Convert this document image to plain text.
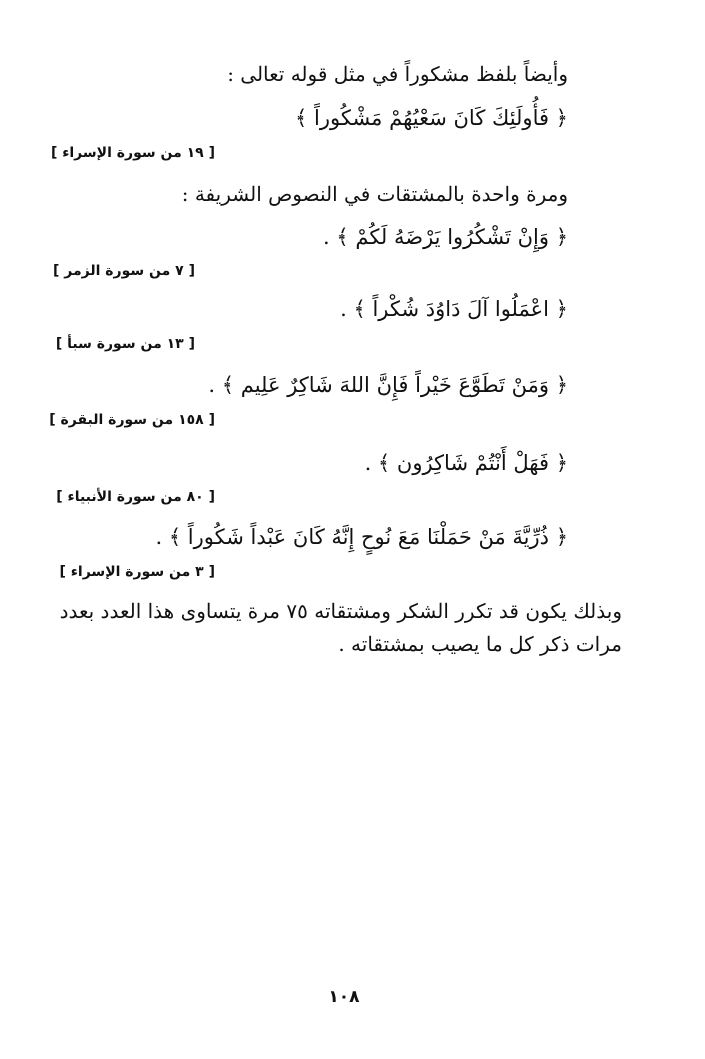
وأيضاً بلفظ مشكوراً في مثل قوله تعالى :
﴿ فَأُولَئِكَ كَانَ سَعْيُهُمْ مَشْكُوراً ﴾
[ ١٩ من سورة الإسراء ]
ومرة واحدة بالمشتقات في النصوص الشريفة :
﴿ وَإِنْ تَشْكُرُوا يَرْضَهُ لَكُمْ ﴾ .
[ ٧ من سورة الزمر ]
﴿ اعْمَلُوا آلَ دَاوُدَ شُكْراً ﴾ .
[ ١٣ من سورة سبأ ]
﴿ وَمَنْ تَطَوَّعَ خَيْراً فَإِنَّ اللهَ شَاكِرٌ عَلِيم ﴾ .
[ ١٥٨ من سورة البقرة ]
﴿ فَهَلْ أَنْتُمْ شَاكِرُون ﴾ .
[ ٨٠ من سورة الأنبياء ]
﴿ ذُرِّيَّةَ مَنْ حَمَلْنَا مَعَ نُوحٍ إِنَّهُ كَانَ عَبْداً شَكُوراً ﴾ .
[ ٣ من سورة الإسراء ]
وبذلك يكون قد تكرر الشكر ومشتقاته ٧٥ مرة يتساوى هذا العدد بعدد
مرات ذكر كل ما يصيب بمشتقاته .
١٠٨
